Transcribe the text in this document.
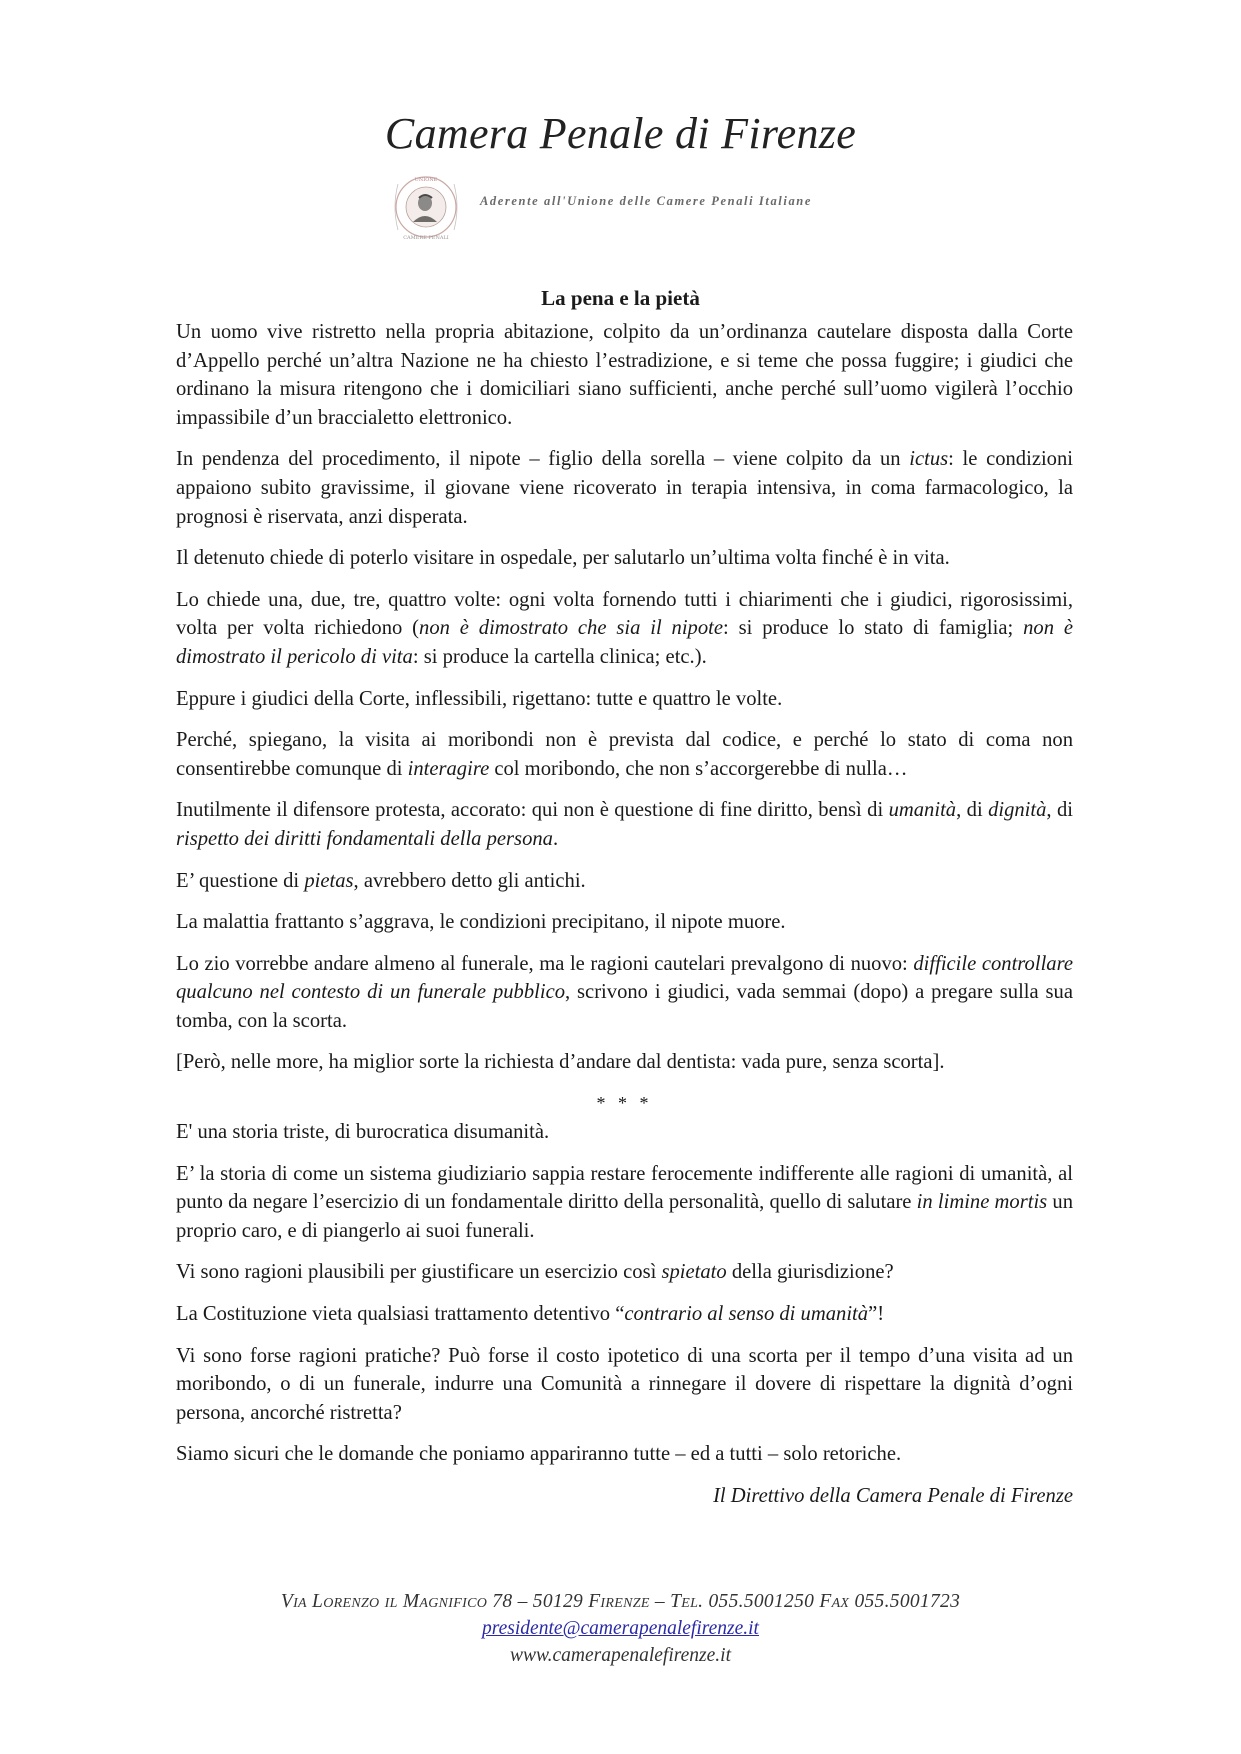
Camera Penale di Firenze
UNIONE
CAMERE PENALI
Aderente all'Unione delle Camere Penali Italiane
La pena e la pietà

Un uomo vive ristretto nella propria abitazione, colpito da un’ordinanza cautelare disposta dalla Corte d’Appello perché un’altra Nazione ne ha chiesto l’estradizione, e si teme che possa fuggire; i giudici che ordinano la misura ritengono che i domiciliari siano sufficienti, anche perché sull’uomo vigilerà l’occhio impassibile d’un braccialetto elettronico.

In pendenza del procedimento, il nipote – figlio della sorella – viene colpito da un ictus: le condizioni appaiono subito gravissime, il giovane viene ricoverato in terapia intensiva, in coma farmacologico, la prognosi è riservata, anzi disperata.

Il detenuto chiede di poterlo visitare in ospedale, per salutarlo un’ultima volta finché è in vita.

Lo chiede una, due, tre, quattro volte: ogni volta fornendo tutti i chiarimenti che i giudici, rigorosissimi, volta per volta richiedono (non è dimostrato che sia il nipote: si produce lo stato di famiglia; non è dimostrato il pericolo di vita: si produce la cartella clinica; etc.).

Eppure i giudici della Corte, inflessibili, rigettano: tutte e quattro le volte.

Perché, spiegano, la visita ai moribondi non è prevista dal codice, e perché lo stato di coma non consentirebbe comunque di interagire col moribondo, che non s’accorgerebbe di nulla…

Inutilmente il difensore protesta, accorato: qui non è questione di fine diritto, bensì di umanità, di dignità, di rispetto dei diritti fondamentali della persona.

E’ questione di pietas, avrebbero detto gli antichi.

La malattia frattanto s’aggrava, le condizioni precipitano, il nipote muore.

Lo zio vorrebbe andare almeno al funerale, ma le ragioni cautelari prevalgono di nuovo: difficile controllare qualcuno nel contesto di un funerale pubblico, scrivono i giudici, vada semmai (dopo) a pregare sulla sua tomba, con la scorta.

[Però, nelle more, ha miglior sorte la richiesta d’andare dal dentista: vada pure, senza scorta].

* * *

E' una storia triste, di burocratica disumanità.

E’ la storia di come un sistema giudiziario sappia restare ferocemente indifferente alle ragioni di umanità, al punto da negare l’esercizio di un fondamentale diritto della personalità, quello di salutare in limine mortis un proprio caro, e di piangerlo ai suoi funerali.

Vi sono ragioni plausibili per giustificare un esercizio così spietato della giurisdizione?

La Costituzione vieta qualsiasi trattamento detentivo “contrario al senso di umanità”!

Vi sono forse ragioni pratiche? Può forse il costo ipotetico di una scorta per il tempo d’una visita ad un moribondo, o di un funerale, indurre una Comunità a rinnegare il dovere di rispettare la dignità d’ogni persona, ancorché ristretta?

Siamo sicuri che le domande che poniamo appariranno tutte – ed a tutti – solo retoriche.

Il Direttivo della Camera Penale di Firenze

Via Lorenzo il Magnifico 78 – 50129 Firenze – Tel. 055.5001250 Fax 055.5001723
presidente@camerapenalefirenze.it
www.camerapenalefirenze.it
